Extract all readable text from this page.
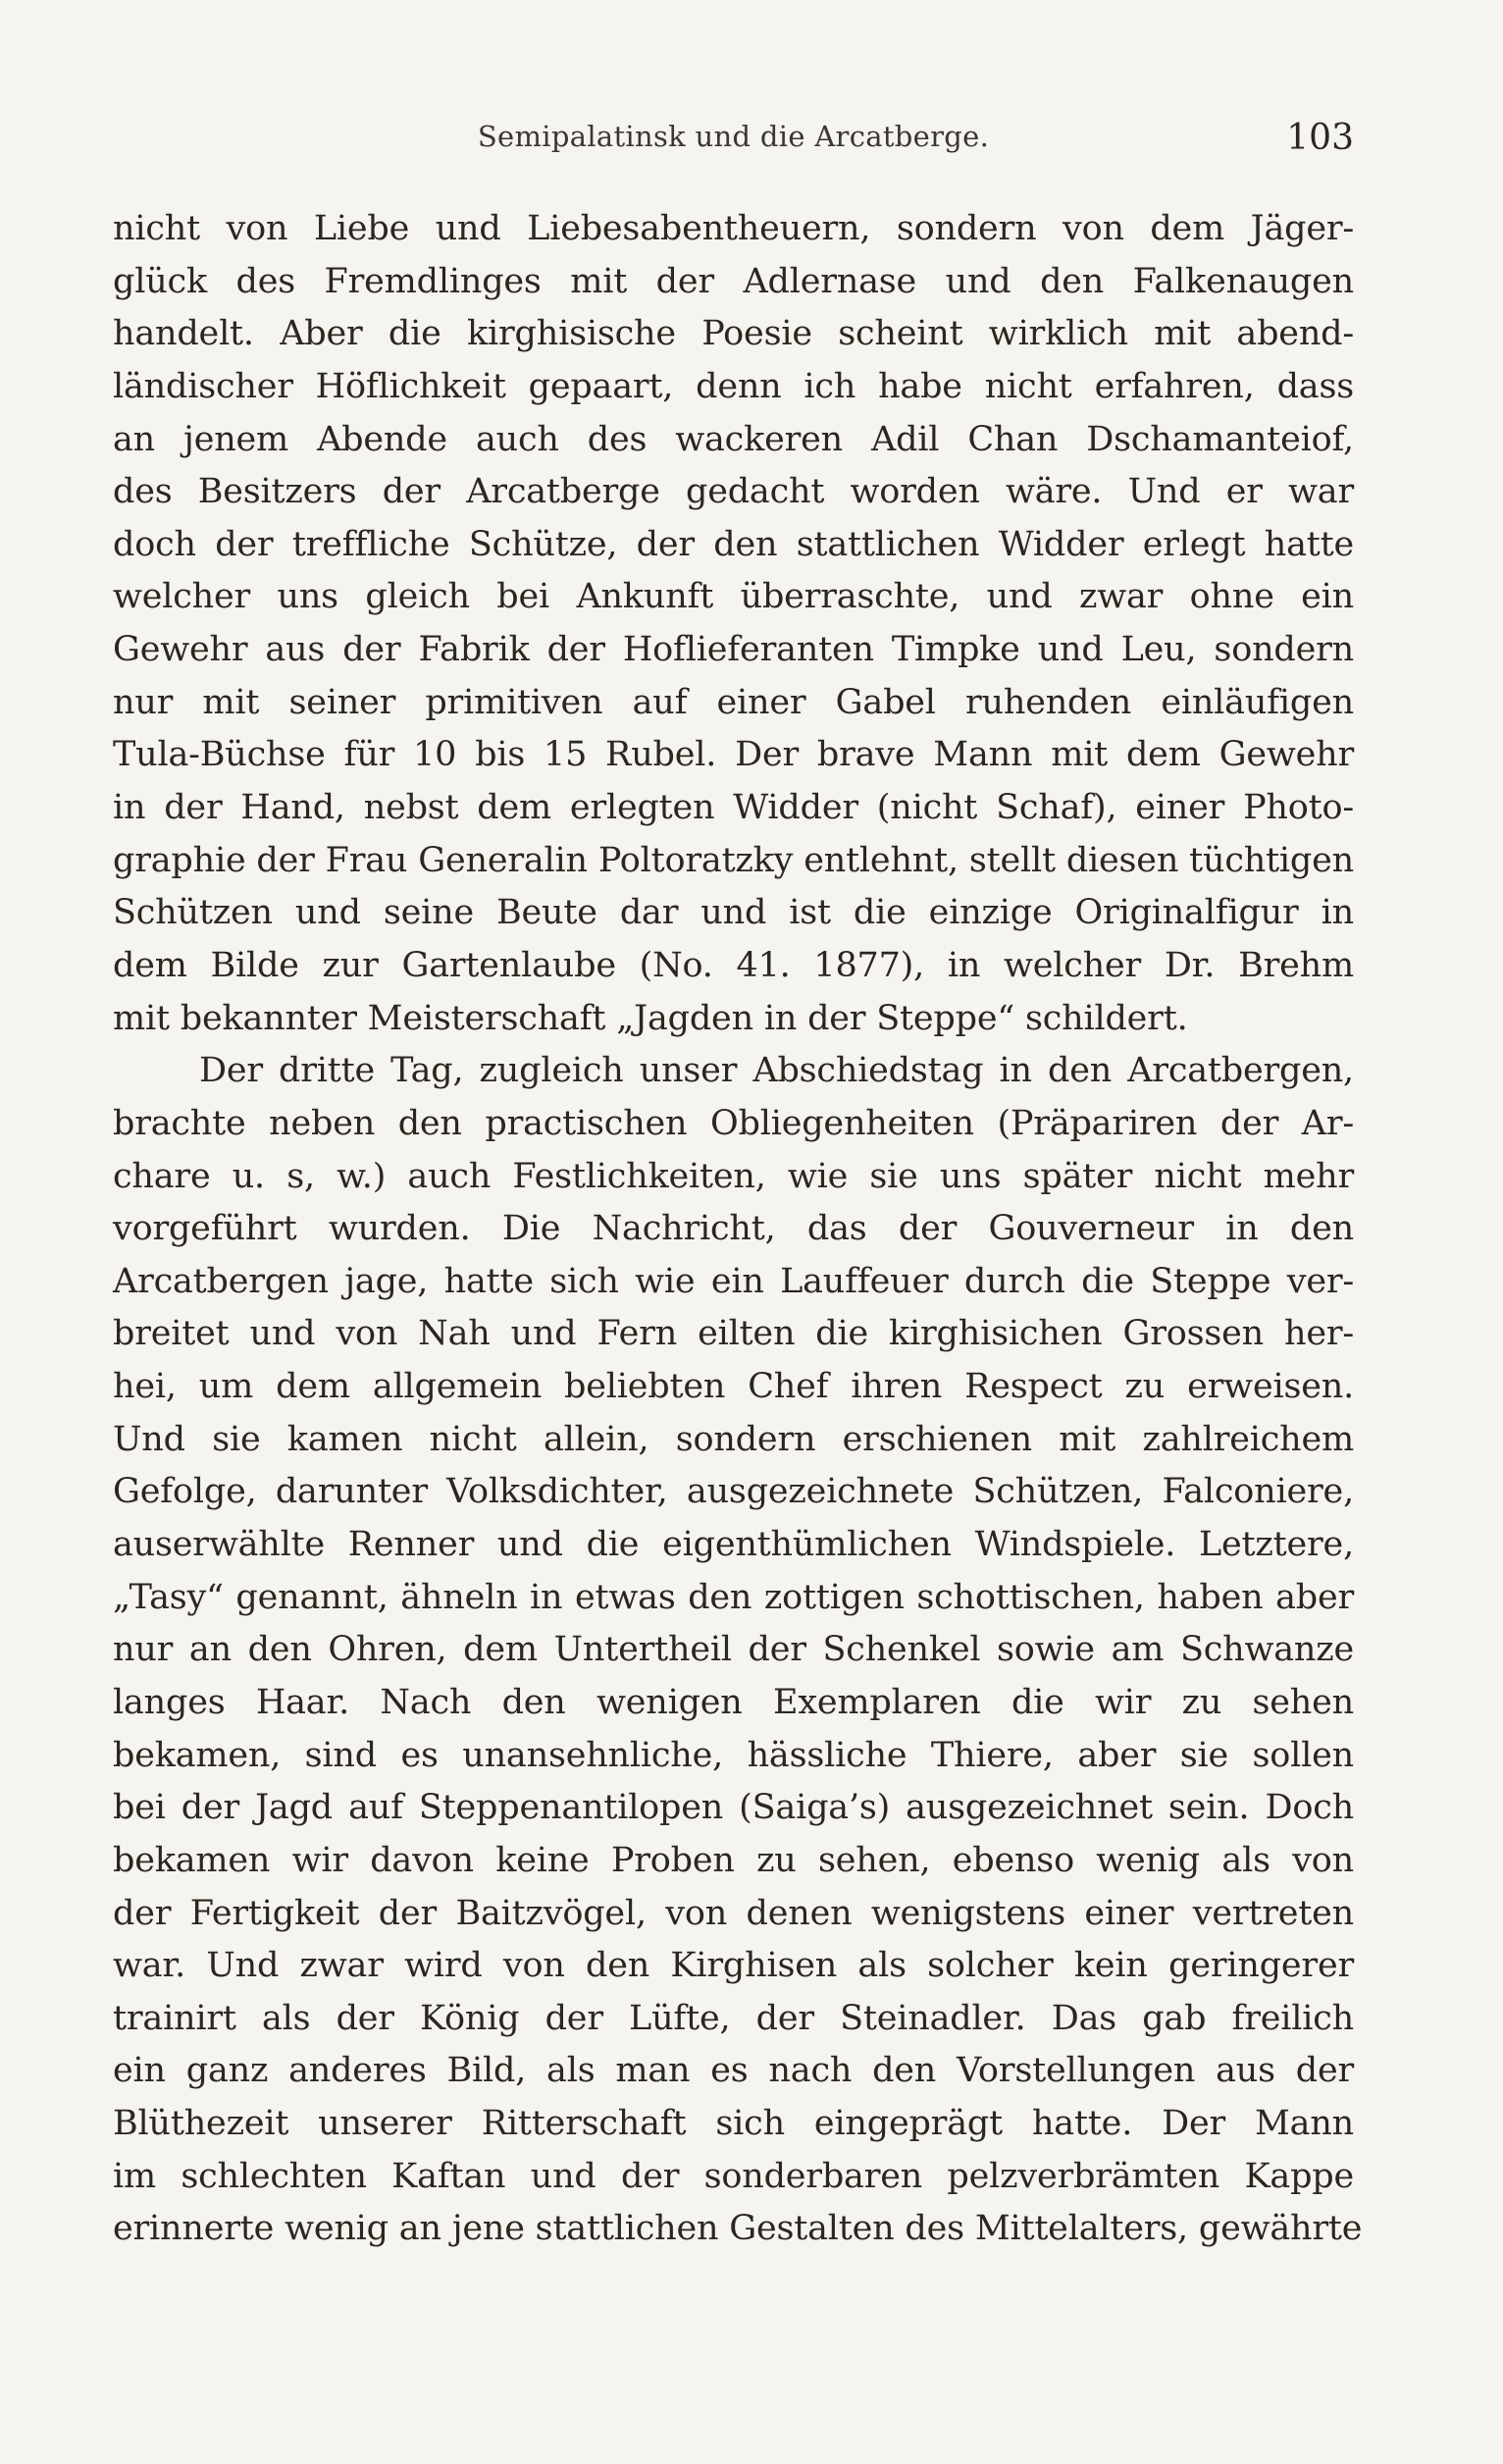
Semipalatinsk und die Arcatberge.	103
nicht von Liebe und Liebesabentheuern, sondern von dem Jäger-
glück des Fremdlinges mit der Adlernase und den Falkenaugen
handelt. Aber die kirghisische Poesie scheint wirklich mit abend-
ländischer Höflichkeit gepaart, denn ich habe nicht erfahren, dass
an jenem Abende auch des wackeren Adil Chan Dschamanteiof,
des Besitzers der Arcatberge gedacht worden wäre. Und er war
doch der treffliche Schütze, der den stattlichen Widder erlegt hatte
welcher uns gleich bei Ankunft überraschte, und zwar ohne ein
Gewehr aus der Fabrik der Hoflieferanten Timpke und Leu, sondern
nur mit seiner primitiven auf einer Gabel ruhenden einläufigen
Tula-Büchse für 10 bis 15 Rubel. Der brave Mann mit dem Gewehr
in der Hand, nebst dem erlegten Widder (nicht Schaf), einer Photo-
graphie der Frau Generalin Poltoratzky entlehnt, stellt diesen tüchtigen
Schützen und seine Beute dar und ist die einzige Originalfigur in
dem Bilde zur Gartenlaube (No. 41. 1877), in welcher Dr. Brehm
mit bekannter Meisterschaft „Jagden in der Steppe“ schildert.
Der dritte Tag, zugleich unser Abschiedstag in den Arcatbergen,
brachte neben den practischen Obliegenheiten (Präpariren der Ar-
chare u. s, w.) auch Festlichkeiten, wie sie uns später nicht mehr
vorgeführt wurden. Die Nachricht, das der Gouverneur in den
Arcatbergen jage, hatte sich wie ein Lauffeuer durch die Steppe ver-
breitet und von Nah und Fern eilten die kirghisichen Grossen her-
hei, um dem allgemein beliebten Chef ihren Respect zu erweisen.
Und sie kamen nicht allein, sondern erschienen mit zahlreichem
Gefolge, darunter Volksdichter, ausgezeichnete Schützen, Falconiere,
auserwählte Renner und die eigenthümlichen Windspiele. Letztere,
„Tasy“ genannt, ähneln in etwas den zottigen schottischen, haben aber
nur an den Ohren, dem Untertheil der Schenkel sowie am Schwanze
langes Haar. Nach den wenigen Exemplaren die wir zu sehen
bekamen, sind es unansehnliche, hässliche Thiere, aber sie sollen
bei der Jagd auf Steppenantilopen (Saiga’s) ausgezeichnet sein. Doch
bekamen wir davon keine Proben zu sehen, ebenso wenig als von
der Fertigkeit der Baitzvögel, von denen wenigstens einer vertreten
war. Und zwar wird von den Kirghisen als solcher kein geringerer
trainirt als der König der Lüfte, der Steinadler. Das gab freilich
ein ganz anderes Bild, als man es nach den Vorstellungen aus der
Blüthezeit unserer Ritterschaft sich eingeprägt hatte. Der Mann
im schlechten Kaftan und der sonderbaren pelzverbrämten Kappe
erinnerte wenig an jene stattlichen Gestalten des Mittelalters, gewährte
